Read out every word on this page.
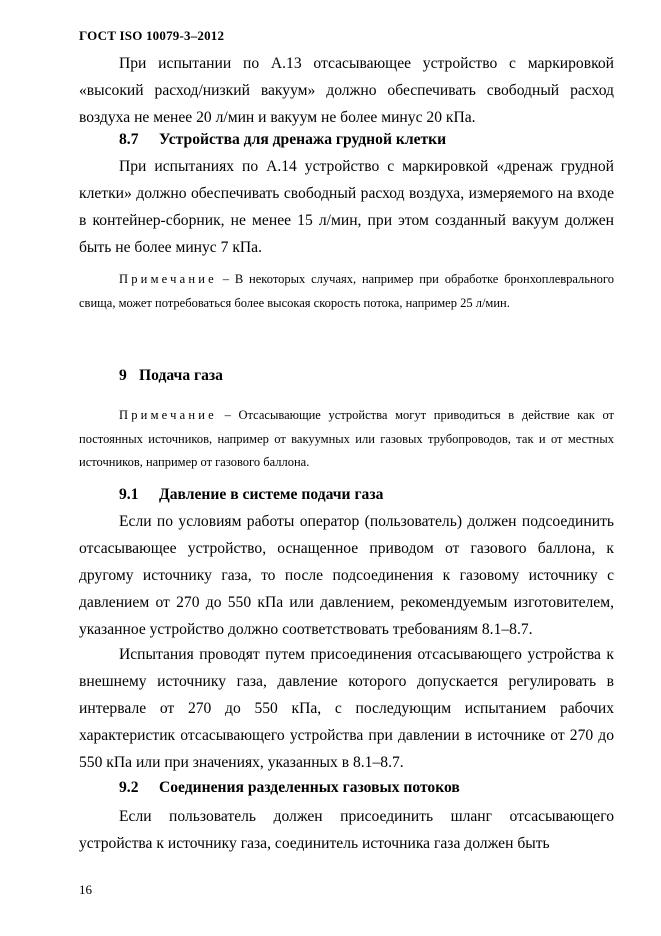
ГОСТ ISO 10079-3–2012

При испытании по А.13 отсасывающее устройство с маркировкой «высокий расход/низкий вакуум» должно обеспечивать свободный расход воздуха не менее 20 л/мин и вакуум не более минус 20 кПа.

8.7 Устройства для дренажа грудной клетки

При испытаниях по А.14 устройство с маркировкой «дренаж грудной клетки» должно обеспечивать свободный расход воздуха, измеряемого на входе в контейнер-сборник, не менее 15 л/мин, при этом созданный вакуум должен быть не более минус 7 кПа.

Примечание – В некоторых случаях, например при обработке бронхоплеврального свища, может потребоваться более высокая скорость потока, например 25 л/мин.

9 Подача газа

Примечание – Отсасывающие устройства могут приводиться в действие как от постоянных источников, например от вакуумных или газовых трубопроводов, так и от местных источников, например от газового баллона.

9.1 Давление в системе подачи газа

Если по условиям работы оператор (пользователь) должен подсоединить отсасывающее устройство, оснащенное приводом от газового баллона, к другому источнику газа, то после подсоединения к газовому источнику с давлением от 270 до 550 кПа или давлением, рекомендуемым изготовителем, указанное устройство должно соответствовать требованиям 8.1–8.7.

Испытания проводят путем присоединения отсасывающего устройства к внешнему источнику газа, давление которого допускается регулировать в интервале от 270 до 550 кПа, с последующим испытанием рабочих характеристик отсасывающего устройства при давлении в источнике от 270 до 550 кПа или при значениях, указанных в 8.1–8.7.

9.2 Соединения разделенных газовых потоков

Если пользователь должен присоединить шланг отсасывающего устройства к источнику газа, соединитель источника газа должен быть

16
